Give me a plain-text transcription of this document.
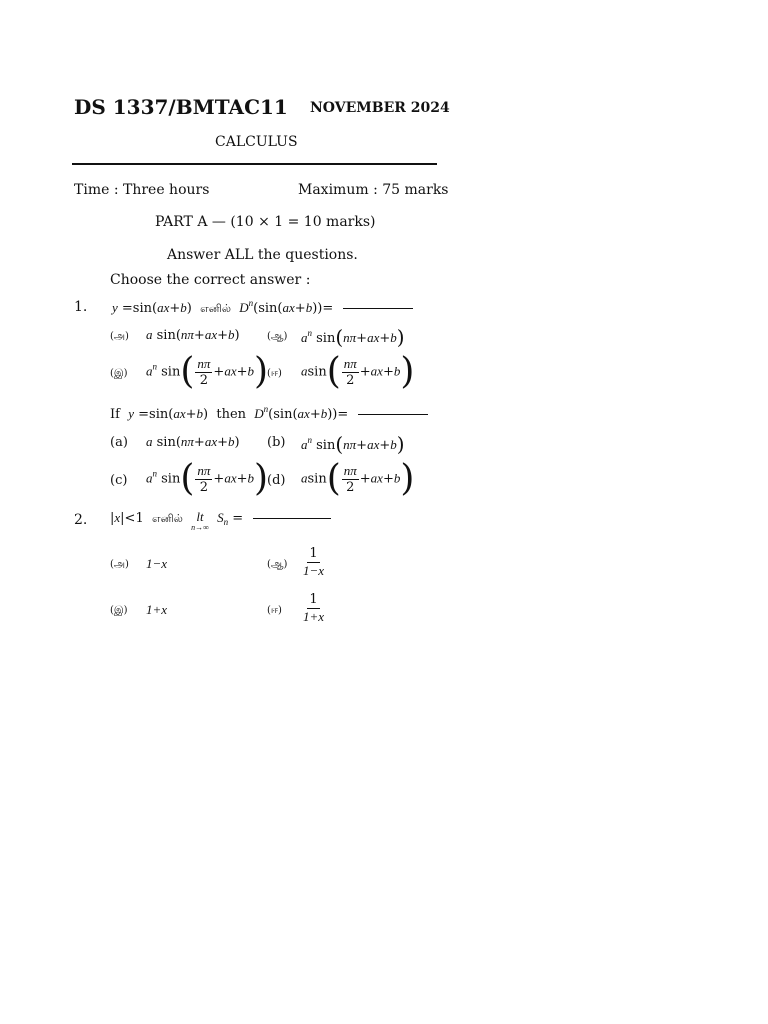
DS 1337/BMTAC11 NOVEMBER 2024
CALCULUS
Time : Three hours	Maximum : 75 marks
PART A — (10 × 1 = 10 marks)
Answer ALL the questions.
Choose the correct answer :
1. y =sin(ax+b)  எனில் $D^n(\sin(ax+b))=$
(அ) a sin(nπ+ax+b)	(ஆ) $a^n$ sin(nπ+ax+b)
(இ) $a^n$ $\sin( \frac{n\pi}{2} +ax+b)$
(ஈ) $asin( \frac{n\pi}{2} +ax+b)$
If y =sin(ax+b)  then $D^n(\sin(ax+b))=$
(a) a sin(nπ+ax+b) (b) $a^n$ sin(nπ+ax+b)
(c) $a^n$ $\sin( \frac{n\pi}{2} +ax+b)$
(d) $asin( \frac{n\pi}{2} +ax+b)$
2. |x|<1  எனில் lt
n→∞
$S_n$ =
(அ) 1−x	(ஆ) $\frac{1}{1-x}$
(இ) 1+x	(ஈ) $\frac{1}{1+x}$
